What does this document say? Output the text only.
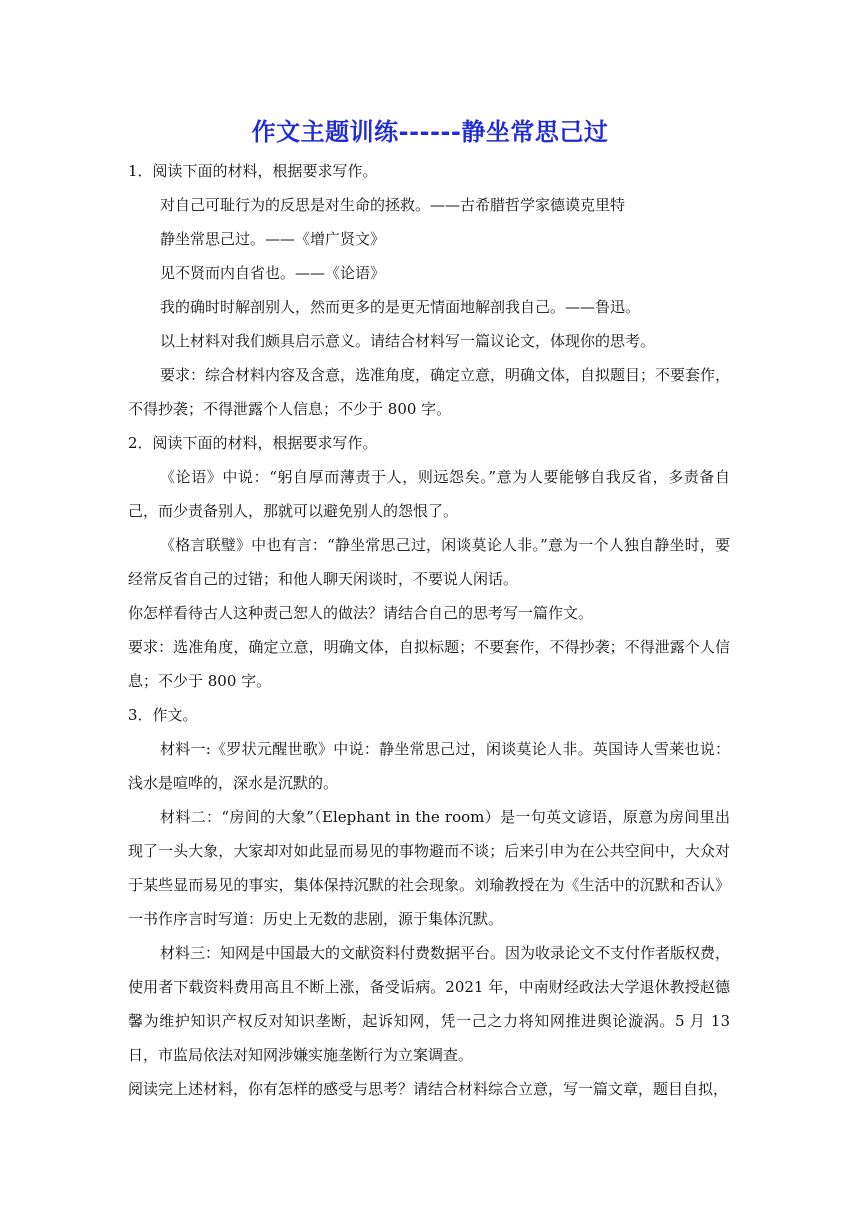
作文主题训练------静坐常思己过

1．阅读下面的材料，根据要求写作。

对自己可耻行为的反思是对生命的拯救。——古希腊哲学家德谟克里特

静坐常思己过。——《增广贤文》

见不贤而内自省也。——《论语》

我的确时时解剖别人，然而更多的是更无情面地解剖我自己。——鲁迅。

以上材料对我们颇具启示意义。请结合材料写一篇议论文，体现你的思考。

要求：综合材料内容及含意，选准角度，确定立意，明确文体，自拟题目；不要套作，不得抄袭；不得泄露个人信息；不少于 800 字。

2．阅读下面的材料，根据要求写作。

《论语》中说：“躬自厚而薄责于人，则远怨矣。”意为人要能够自我反省，多责备自己，而少责备别人，那就可以避免别人的怨恨了。

《格言联璧》中也有言：“静坐常思己过，闲谈莫论人非。”意为一个人独自静坐时，要经常反省自己的过错；和他人聊天闲谈时，不要说人闲话。

你怎样看待古人这种责己恕人的做法？请结合自己的思考写一篇作文。

要求：选准角度，确定立意，明确文体，自拟标题；不要套作，不得抄袭；不得泄露个人信息；不少于 800 字。

3．作文。

材料一:《罗状元醒世歌》中说：静坐常思己过，闲谈莫论人非。英国诗人雪莱也说：浅水是喧哗的，深水是沉默的。

材料二：“房间的大象”（Elephant in the room）是一句英文谚语，原意为房间里出现了一头大象，大家却对如此显而易见的事物避而不谈；后来引申为在公共空间中，大众对于某些显而易见的事实，集体保持沉默的社会现象。刘瑜教授在为《生活中的沉默和否认》一书作序言时写道：历史上无数的悲剧，源于集体沉默。

材料三：知网是中国最大的文献资料付费数据平台。因为收录论文不支付作者版权费，使用者下载资料费用高且不断上涨，备受诟病。2021 年，中南财经政法大学退休教授赵德馨为维护知识产权反对知识垄断，起诉知网，凭一己之力将知网推进舆论漩涡。5 月 13 日，市监局依法对知网涉嫌实施垄断行为立案调查。

阅读完上述材料，你有怎样的感受与思考？请结合材料综合立意，写一篇文章，题目自拟，
